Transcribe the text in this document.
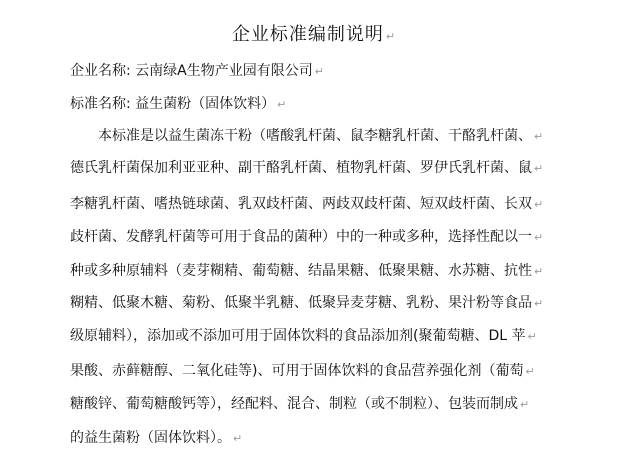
企业标准编制说明 ↵
企业名称: 云南绿A生物产业园有限公司 ↵
标准名称: 益生菌粉（固体饮料） ↵
本标准是以益生菌冻干粉（嗜酸乳杆菌、鼠李糖乳杆菌、干酪乳杆菌、 ↵
德氏乳杆菌保加利亚亚种、副干酪乳杆菌、植物乳杆菌、罗伊氏乳杆菌、鼠 ↵
李糖乳杆菌、嗜热链球菌、乳双歧杆菌、两歧双歧杆菌、短双歧杆菌、长双 ↵
歧杆菌、发酵乳杆菌等可用于食品的菌种）中的一种或多种，选择性配以一 ↵
种或多种原辅料（麦芽糊精、葡萄糖、结晶果糖、低聚果糖、水苏糖、抗性 ↵
糊精、低聚木糖、菊粉、低聚半乳糖、低聚异麦芽糖、乳粉、果汁粉等食品 ↵
级原辅料），添加或不添加可用于固体饮料的食品添加剂(聚葡萄糖、DL 苹 ↵
果酸、赤藓糖醇、二氧化硅等)、可用于固体饮料的食品营养强化剂（葡萄 ↵
糖酸锌、葡萄糖酸钙等），经配料、混合、制粒（或不制粒）、包装而制成 ↵
的益生菌粉（固体饮料）。 ↵
